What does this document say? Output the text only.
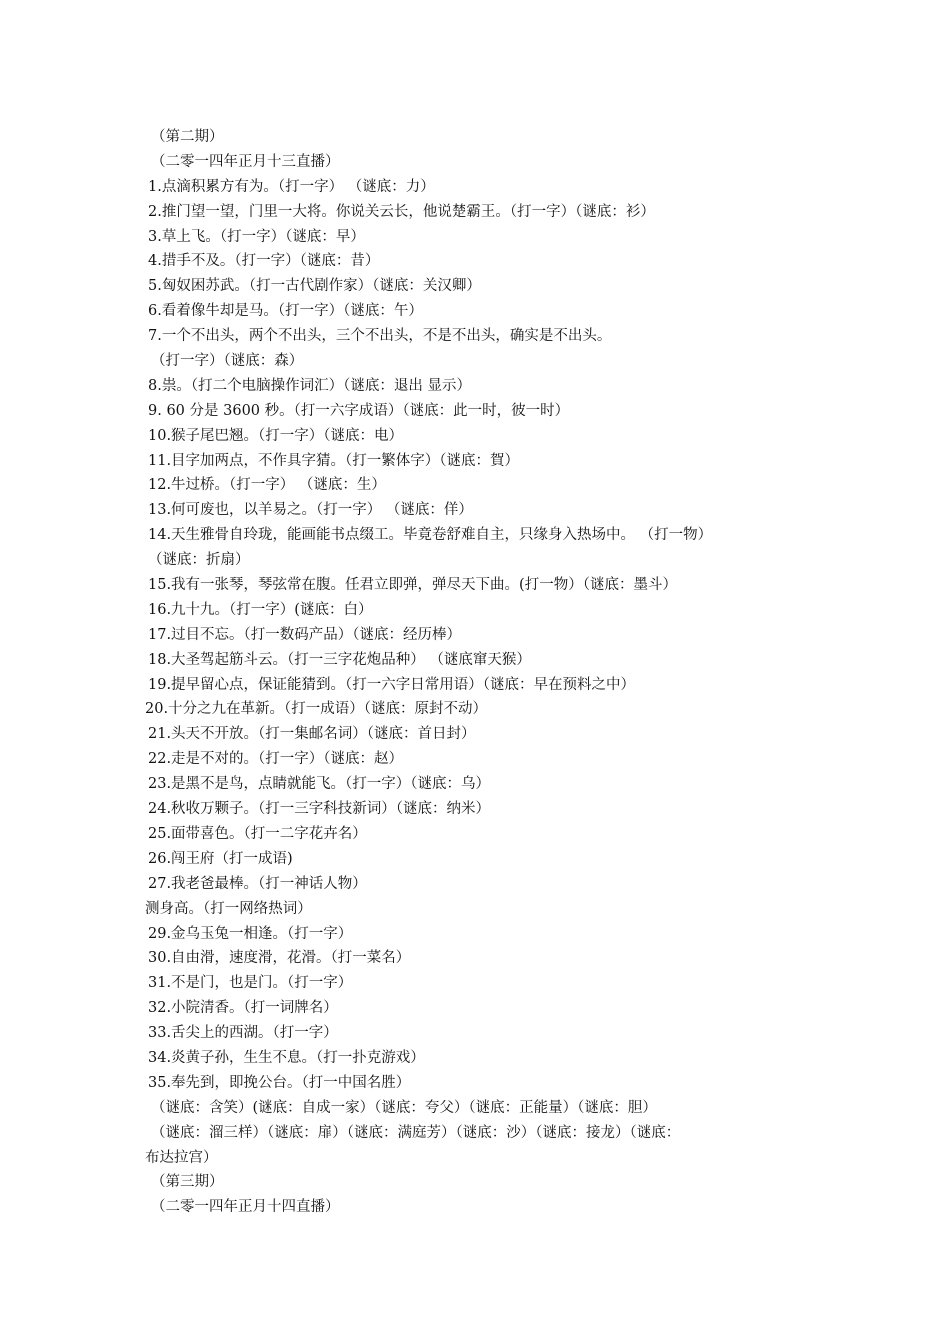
（第二期）
（二零一四年正月十三直播）
1.点滴积累方有为。（打一字） （谜底：力）
2.推门望一望，门里一大将。你说关云长，他说楚霸王。（打一字）（谜底：衫）
3.草上飞。（打一字）（谜底：早）
4.措手不及。（打一字）（谜底：昔）
5.匈奴困苏武。（打一古代剧作家）（谜底：关汉卿）
6.看着像牛却是马。（打一字）（谜底：午）
7.一个不出头，两个不出头，三个不出头，不是不出头，确实是不出头。
（打一字）（谜底：森）
8.祟。（打二个电脑操作词汇）（谜底：退出 显示）
9. 60 分是 3600 秒。（打一六字成语）（谜底：此一时，彼一时）
10.猴子尾巴翘。（打一字）（谜底：电）
11.目字加两点，不作具字猜。（打一繁体字）（谜底：賀）
12.牛过桥。（打一字） （谜底：生）
13.何可废也，以羊易之。（打一字） （谜底：佯）
14.天生雅骨自玲珑，能画能书点缀工。毕竟卷舒难自主，只缘身入热场中。 （打一物）
（谜底：折扇）
15.我有一张琴，琴弦常在腹。任君立即弹，弹尽天下曲。(打一物）（谜底：墨斗）
16.九十九。（打一字）(谜底：白）
17.过目不忘。（打一数码产品）（谜底：经历棒）
18.大圣驾起筋斗云。（打一三字花炮品种） （谜底窜天猴）
19.提早留心点，保证能猜到。（打一六字日常用语）（谜底：早在预料之中）
20.十分之九在革新。（打一成语）（谜底：原封不动）
21.头天不开放。（打一集邮名词）（谜底：首日封）
22.走是不对的。（打一字）（谜底：赵）
23.是黑不是鸟，点睛就能飞。（打一字）（谜底：乌）
24.秋收万颗子。（打一三字科技新词）（谜底：纳米）
25.面带喜色。（打一二字花卉名）
26.闯王府（打一成语)
27.我老爸最棒。（打一神话人物）
测身高。（打一网络热词）
29.金乌玉兔一相逢。（打一字）
30.自由滑，速度滑，花滑。（打一菜名）
31.不是门，也是门。（打一字）
32.小院清香。（打一词牌名）
33.舌尖上的西湖。（打一字）
34.炎黄子孙，生生不息。（打一扑克游戏）
35.奉先到，即挽公台。（打一中国名胜）
（谜底：含笑）(谜底：自成一家）（谜底：夸父）（谜底：正能量）（谜底：胆）
（谜底：溜三样）（谜底：扉）（谜底：满庭芳）（谜底：沙）（谜底：接龙）（谜底：
布达拉宫）
（第三期）
（二零一四年正月十四直播）
